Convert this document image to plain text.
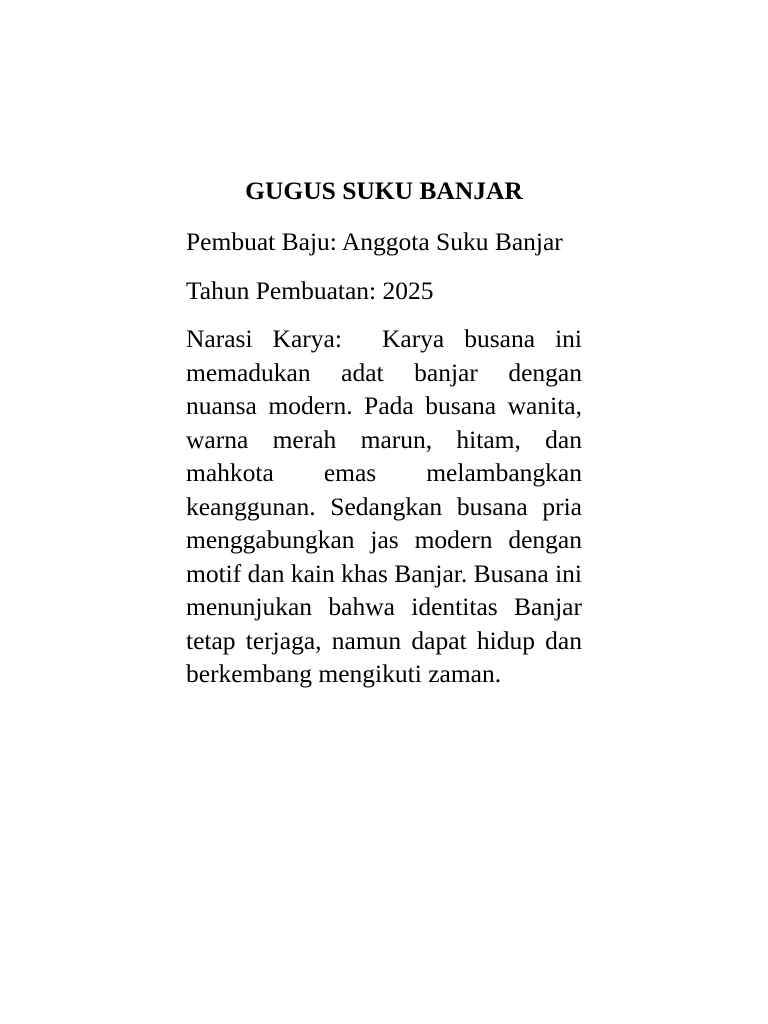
GUGUS SUKU BANJAR

Pembuat Baju: Anggota Suku Banjar

Tahun Pembuatan: 2025

Narasi Karya:  Karya busana ini memadukan adat banjar dengan nuansa modern. Pada busana wanita, warna merah marun, hitam, dan mahkota emas melambangkan keanggunan. Sedangkan busana pria menggabungkan jas modern dengan motif dan kain khas Banjar. Busana ini menunjukan bahwa identitas Banjar tetap terjaga, namun dapat hidup dan berkembang mengikuti zaman.
